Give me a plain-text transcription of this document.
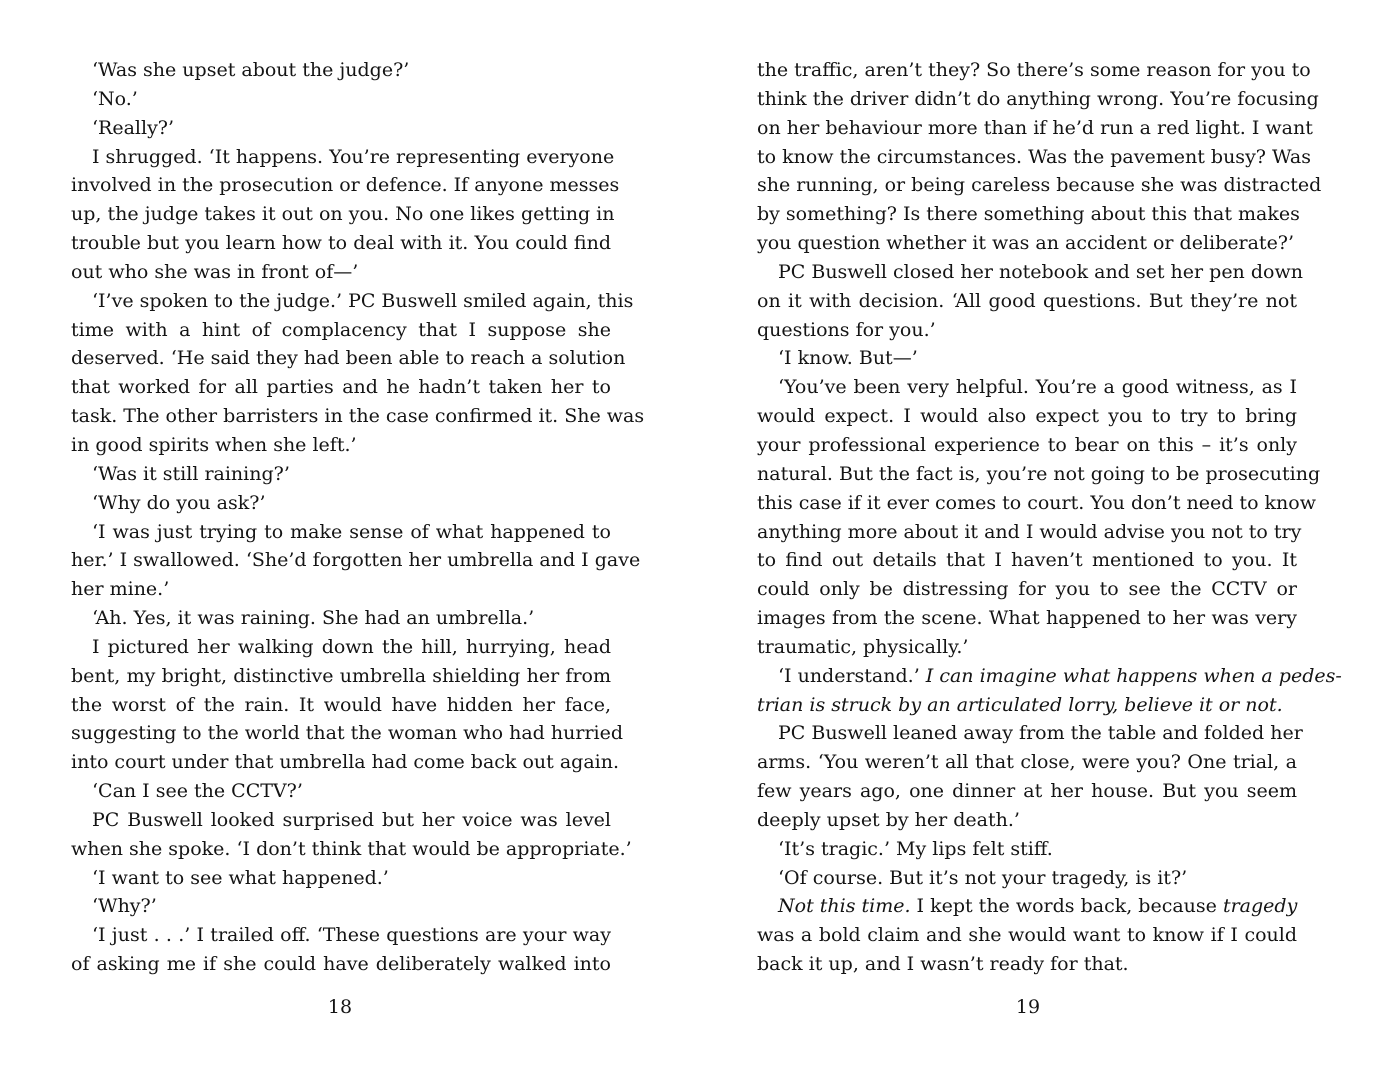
‘Was she upset about the judge?’
‘No.’
‘Really?’
I shrugged. ‘It happens. You’re representing everyone
involved in the prosecution or defence. If anyone messes
up, the judge takes it out on you. No one likes getting in
trouble but you learn how to deal with it. You could find
out who she was in front of—’
‘I’ve spoken to the judge.’ PC Buswell smiled again, this
time with a hint of complacency that I suppose she
deserved. ‘He said they had been able to reach a solution
that worked for all parties and he hadn’t taken her to
task. The other barristers in the case confirmed it. She was
in good spirits when she left.’
‘Was it still raining?’
‘Why do you ask?’
‘I was just trying to make sense of what happened to
her.’ I swallowed. ‘She’d forgotten her umbrella and I gave
her mine.’
‘Ah. Yes, it was raining. She had an umbrella.’
I pictured her walking down the hill, hurrying, head
bent, my bright, distinctive umbrella shielding her from
the worst of the rain. It would have hidden her face,
suggesting to the world that the woman who had hurried
into court under that umbrella had come back out again.
‘Can I see the CCTV?’
PC Buswell looked surprised but her voice was level
when she spoke. ‘I don’t think that would be appropriate.’
‘I want to see what happened.’
‘Why?’
‘I just . . .’ I trailed off. ‘These questions are your way
of asking me if she could have deliberately walked into
18
the traffic, aren’t they? So there’s some reason for you to
think the driver didn’t do anything wrong. You’re focusing
on her behaviour more than if he’d run a red light. I want
to know the circumstances. Was the pavement busy? Was
she running, or being careless because she was distracted
by something? Is there something about this that makes
you question whether it was an accident or deliberate?’
PC Buswell closed her notebook and set her pen down
on it with decision. ‘All good questions. But they’re not
questions for you.’
‘I know. But—’
‘You’ve been very helpful. You’re a good witness, as I
would expect. I would also expect you to try to bring
your professional experience to bear on this – it’s only
natural. But the fact is, you’re not going to be prosecuting
this case if it ever comes to court. You don’t need to know
anything more about it and I would advise you not to try
to find out details that I haven’t mentioned to you. It
could only be distressing for you to see the CCTV or
images from the scene. What happened to her was very
traumatic, physically.’
‘I understand.’ I can imagine what happens when a pedes-
trian is struck by an articulated lorry, believe it or not.
PC Buswell leaned away from the table and folded her
arms. ‘You weren’t all that close, were you? One trial, a
few years ago, one dinner at her house. But you seem
deeply upset by her death.’
‘It’s tragic.’ My lips felt stiff.
‘Of course. But it’s not your tragedy, is it?’
Not this time. I kept the words back, because tragedy
was a bold claim and she would want to know if I could
back it up, and I wasn’t ready for that.
19
